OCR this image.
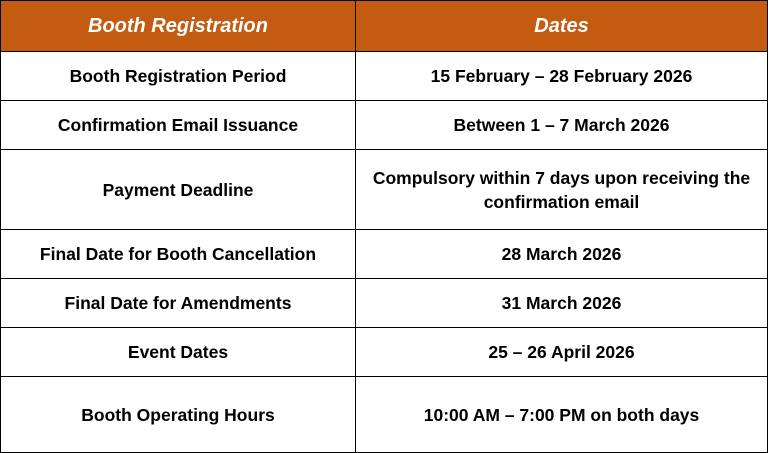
Booth Registration	Dates
Booth Registration Period	15 February – 28 February 2026
Confirmation Email Issuance	Between 1 – 7 March 2026
Payment Deadline	Compulsory within 7 days upon receiving the confirmation email
Final Date for Booth Cancellation	28 March 2026
Final Date for Amendments	31 March 2026
Event Dates	25 – 26 April 2026
Booth Operating Hours	10:00 AM – 7:00 PM on both days
